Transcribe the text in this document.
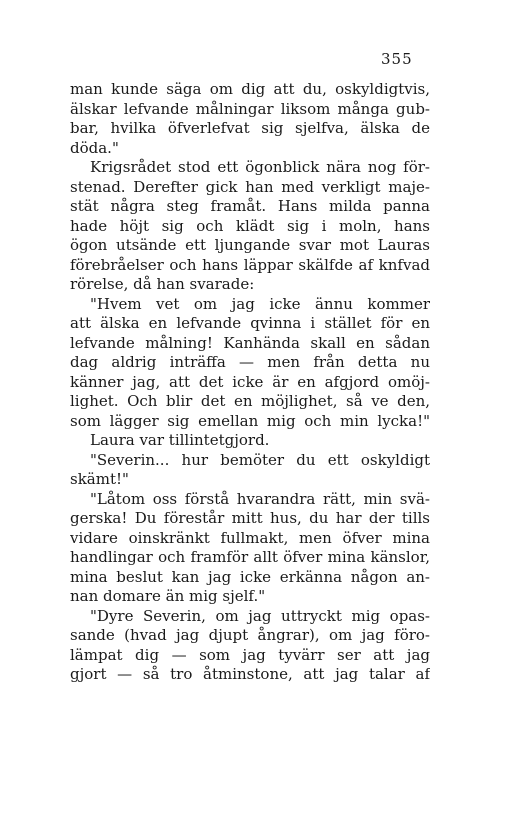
355
man kunde säga om dig att du, oskyldigtvis,
älskar lefvande målningar liksom många gub-
bar, hvilka öfverlefvat sig sjelfva, älska de
döda."
Krigsrådet stod ett ögonblick nära nog för-
stenad. Derefter gick han med verkligt maje-
stät några steg framåt. Hans milda panna
hade höjt sig och klädt sig i moln, hans
ögon utsände ett ljungande svar mot Lauras
förebråelser och hans läppar skälfde af knfvad
rörelse, då han svarade:
"Hvem vet om jag icke ännu kommer
att älska en lefvande qvinna i stället för en
lefvande målning! Kanhända skall en sådan
dag aldrig inträffa — men från detta nu
känner jag, att det icke är en afgjord omöj-
lighet. Och blir det en möjlighet, så ve den,
som lägger sig emellan mig och min lycka!"
Laura var tillintetgjord.
"Severin... hur bemöter du ett oskyldigt
skämt!"
"Låtom oss förstå hvarandra rätt, min svä-
gerska! Du förestår mitt hus, du har der tills
vidare oinskränkt fullmakt, men öfver mina
handlingar och framför allt öfver mina känslor,
mina beslut kan jag icke erkänna någon an-
nan domare än mig sjelf."
"Dyre Severin, om jag uttryckt mig opas-
sande (hvad jag djupt ångrar), om jag föro-
lämpat dig — som jag tyvärr ser att jag
gjort — så tro åtminstone, att jag talar af
